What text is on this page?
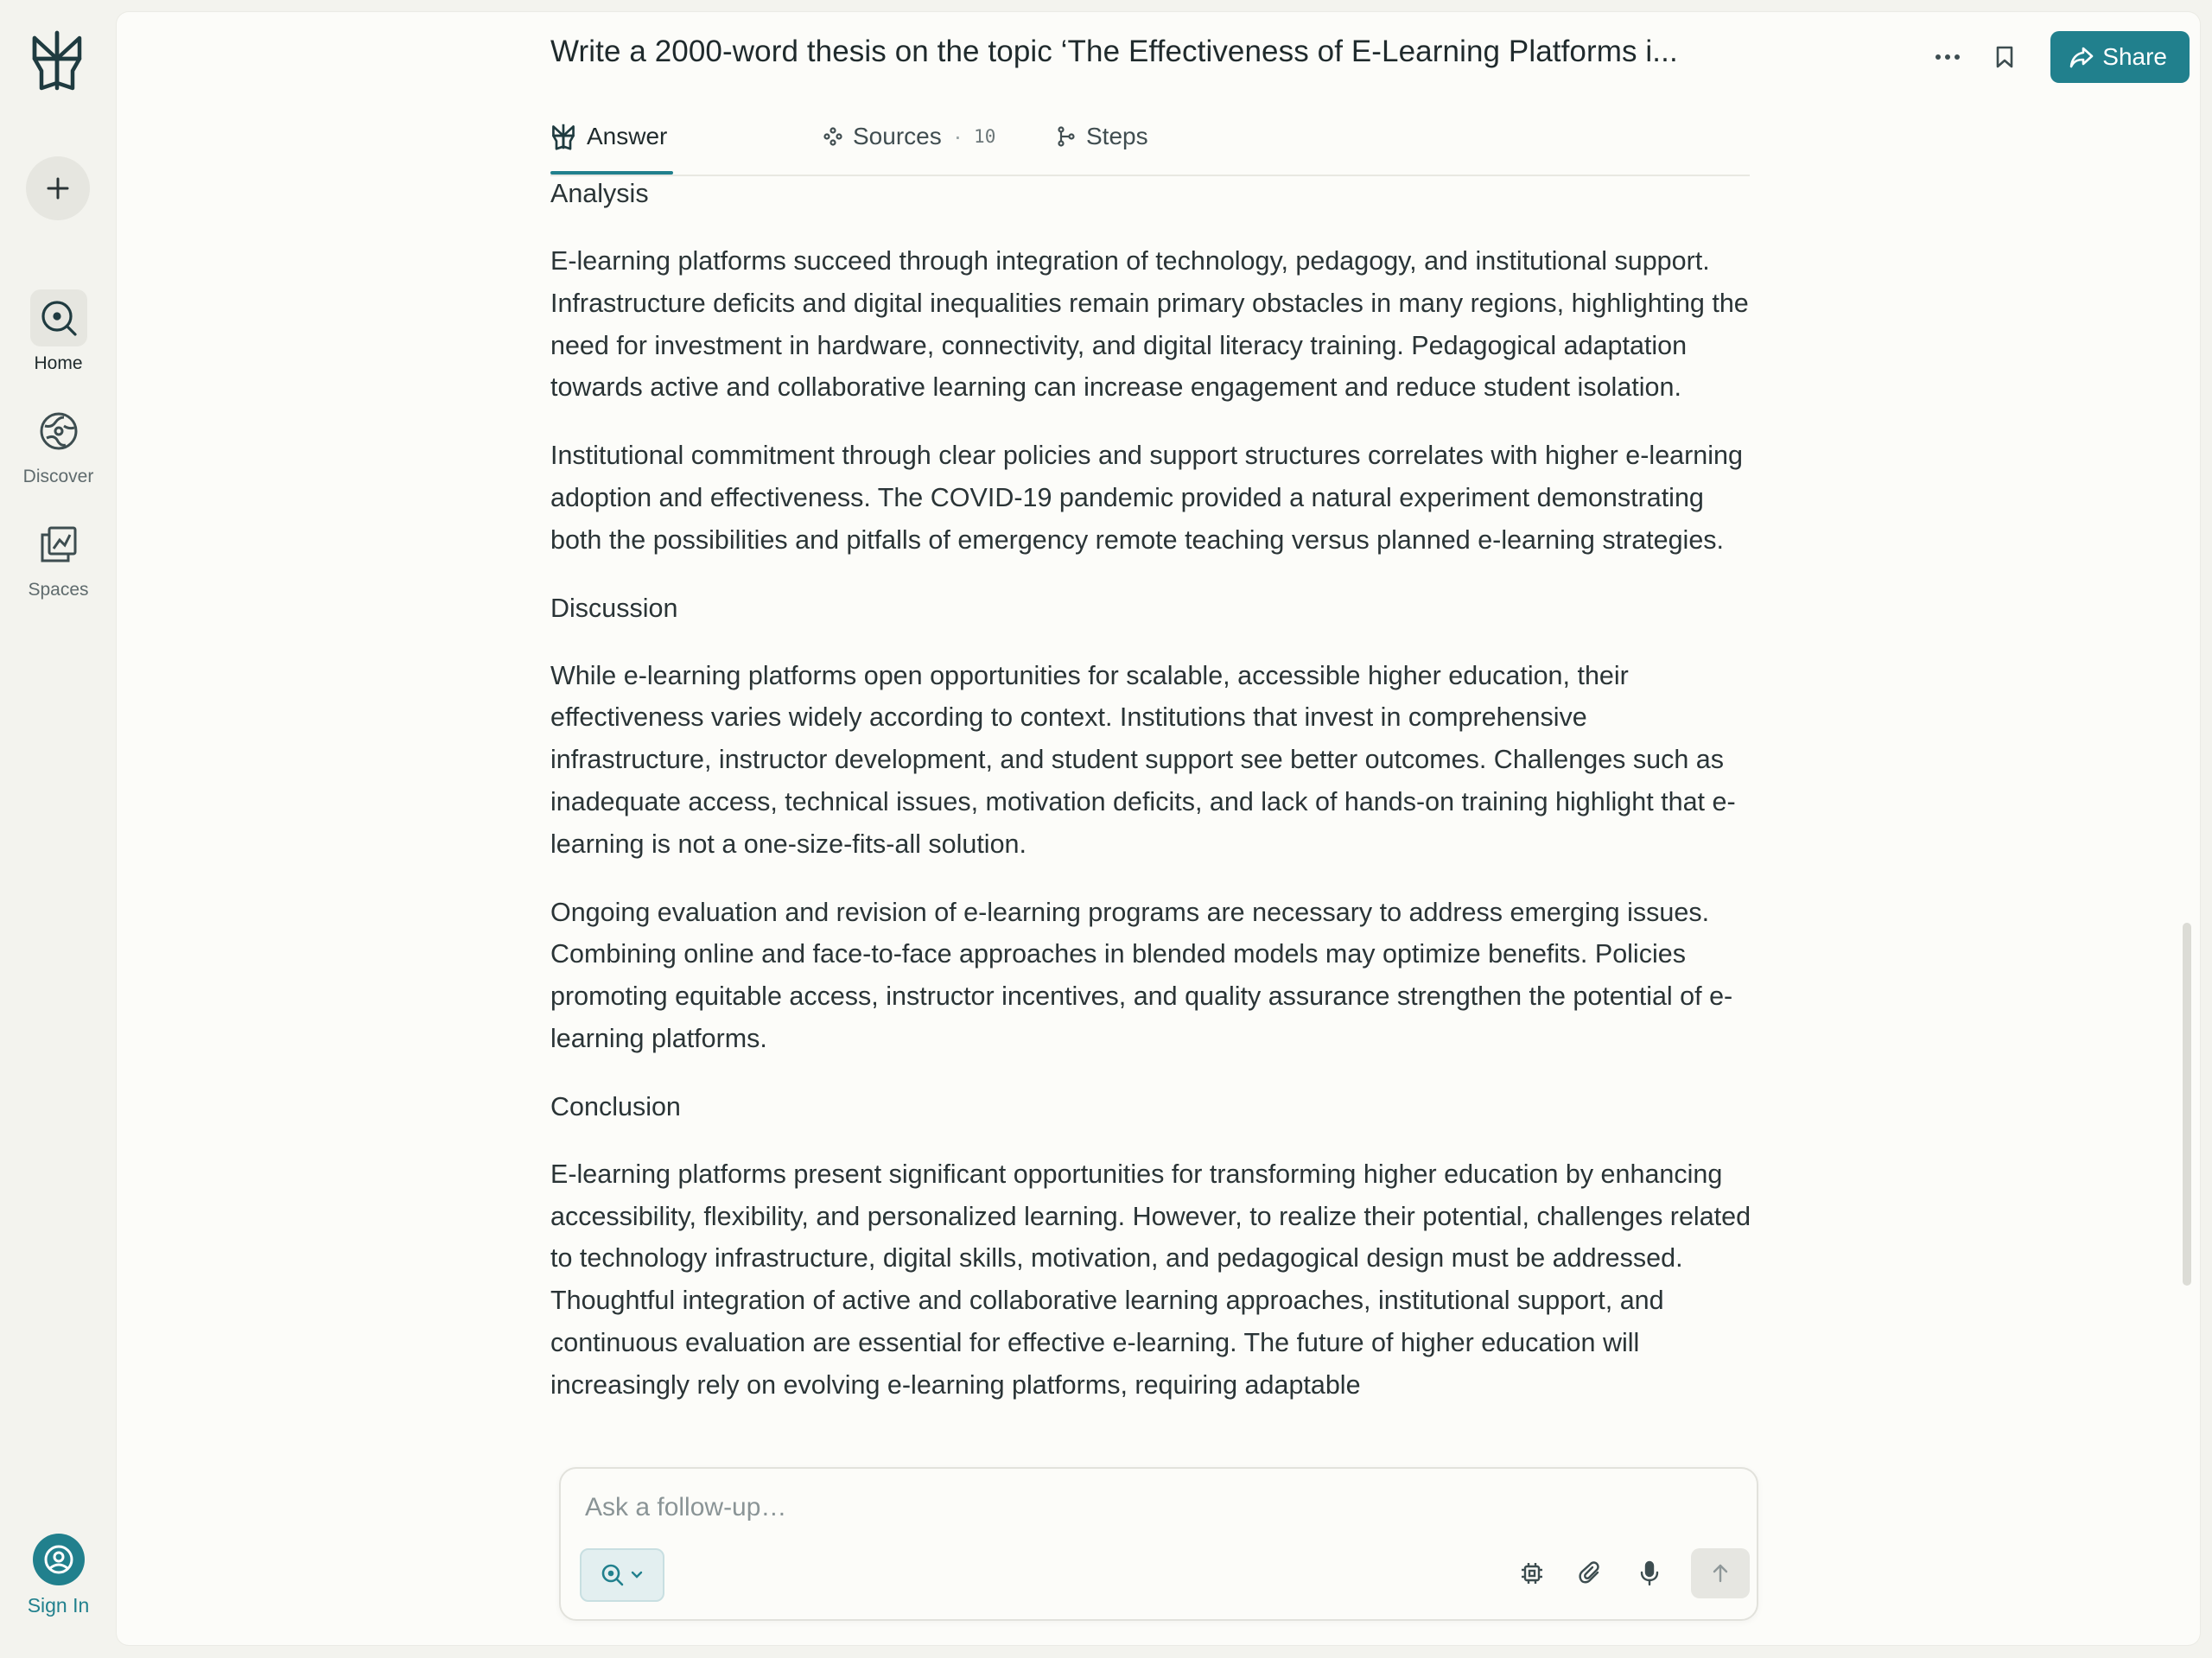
Home
Discover
Spaces
Sign In
Write a 2000-word thesis on the topic ‘The Effectiveness of E-Learning Platforms i...	Share
Answer	Sources · 10	Steps
Analysis

E-learning platforms succeed through integration of technology, pedagogy, and institutional support. Infrastructure deficits and digital inequalities remain primary obstacles in many regions, highlighting the need for investment in hardware, connectivity, and digital literacy training. Pedagogical adaptation towards active and collaborative learning can increase engagement and reduce student isolation.

Institutional commitment through clear policies and support structures correlates with higher e-learning adoption and effectiveness. The COVID-19 pandemic provided a natural experiment demonstrating both the possibilities and pitfalls of emergency remote teaching versus planned e-learning strategies.

Discussion

While e-learning platforms open opportunities for scalable, accessible higher education, their effectiveness varies widely according to context. Institutions that invest in comprehensive infrastructure, instructor development, and student support see better outcomes. Challenges such as inadequate access, technical issues, motivation deficits, and lack of hands-on training highlight that e-learning is not a one-size-fits-all solution.

Ongoing evaluation and revision of e-learning programs are necessary to address emerging issues. Combining online and face-to-face approaches in blended models may optimize benefits. Policies promoting equitable access, instructor incentives, and quality assurance strengthen the potential of e-learning platforms.

Conclusion

E-learning platforms present significant opportunities for transforming higher education by enhancing accessibility, flexibility, and personalized learning. However, to realize their potential, challenges related to technology infrastructure, digital skills, motivation, and pedagogical design must be addressed. Thoughtful integration of active and collaborative learning approaches, institutional support, and continuous evaluation are essential for effective e-learning. The future of higher education will increasingly rely on evolving e-learning platforms, requiring adaptable

Ask a follow-up…
